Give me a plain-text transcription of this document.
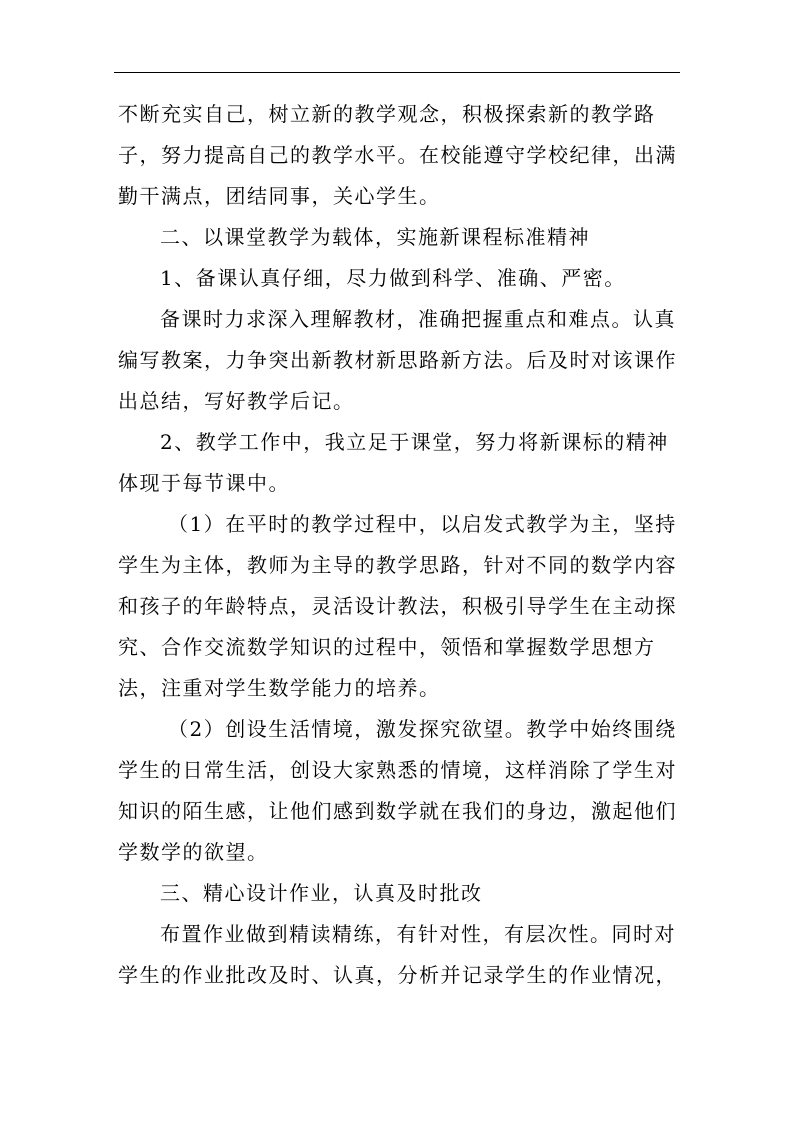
不断充实自己，树立新的教学观念，积极探索新的教学路子，努力提高自己的教学水平。在校能遵守学校纪律，出满勤干满点，团结同事，关心学生。

二、以课堂教学为载体，实施新课程标准精神

1、备课认真仔细，尽力做到科学、准确、严密。

备课时力求深入理解教材，准确把握重点和难点。认真编写教案，力争突出新教材新思路新方法。后及时对该课作出总结，写好教学后记。

2、教学工作中，我立足于课堂，努力将新课标的精神体现于每节课中。

（1）在平时的教学过程中，以启发式教学为主，坚持学生为主体，教师为主导的教学思路，针对不同的数学内容和孩子的年龄特点，灵活设计教法，积极引导学生在主动探究、合作交流数学知识的过程中，领悟和掌握数学思想方法，注重对学生数学能力的培养。

（2）创设生活情境，激发探究欲望。教学中始终围绕学生的日常生活，创设大家熟悉的情境，这样消除了学生对知识的陌生感，让他们感到数学就在我们的身边，激起他们学数学的欲望。

三、精心设计作业，认真及时批改

布置作业做到精读精练，有针对性，有层次性。同时对学生的作业批改及时、认真，分析并记录学生的作业情况，
